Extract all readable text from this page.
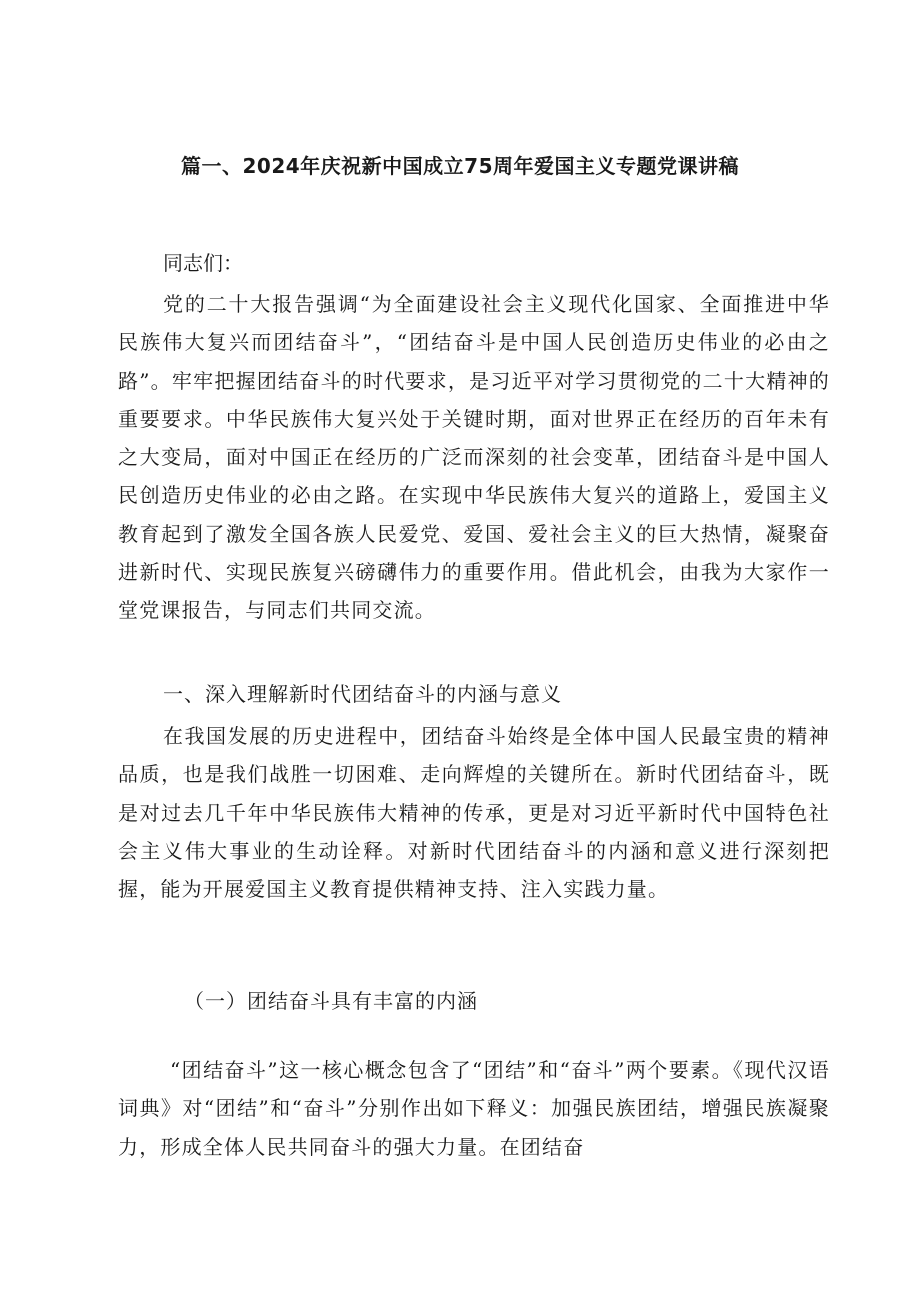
篇一、2024年庆祝新中国成立75周年爱国主义专题党课讲稿

同志们：

党的二十大报告强调“为全面建设社会主义现代化国家、全面推进中华民族伟大复兴而团结奋斗”，“团结奋斗是中国人民创造历史伟业的必由之路”。牢牢把握团结奋斗的时代要求，是习近平对学习贯彻党的二十大精神的重要要求。中华民族伟大复兴处于关键时期，面对世界正在经历的百年未有之大变局，面对中国正在经历的广泛而深刻的社会变革，团结奋斗是中国人民创造历史伟业的必由之路。在实现中华民族伟大复兴的道路上，爱国主义教育起到了激发全国各族人民爱党、爱国、爱社会主义的巨大热情，凝聚奋进新时代、实现民族复兴磅礴伟力的重要作用。借此机会，由我为大家作一堂党课报告，与同志们共同交流。

一、深入理解新时代团结奋斗的内涵与意义

在我国发展的历史进程中，团结奋斗始终是全体中国人民最宝贵的精神品质，也是我们战胜一切困难、走向辉煌的关键所在。新时代团结奋斗，既是对过去几千年中华民族伟大精神的传承，更是对习近平新时代中国特色社会主义伟大事业的生动诠释。对新时代团结奋斗的内涵和意义进行深刻把握，能为开展爱国主义教育提供精神支持、注入实践力量。

（一）团结奋斗具有丰富的内涵

“团结奋斗”这一核心概念包含了“团结”和“奋斗”两个要素。《现代汉语词典》对“团结”和“奋斗”分别作出如下释义：加强民族团结，增强民族凝聚力，形成全体人民共同奋斗的强大力量。在团结奋
